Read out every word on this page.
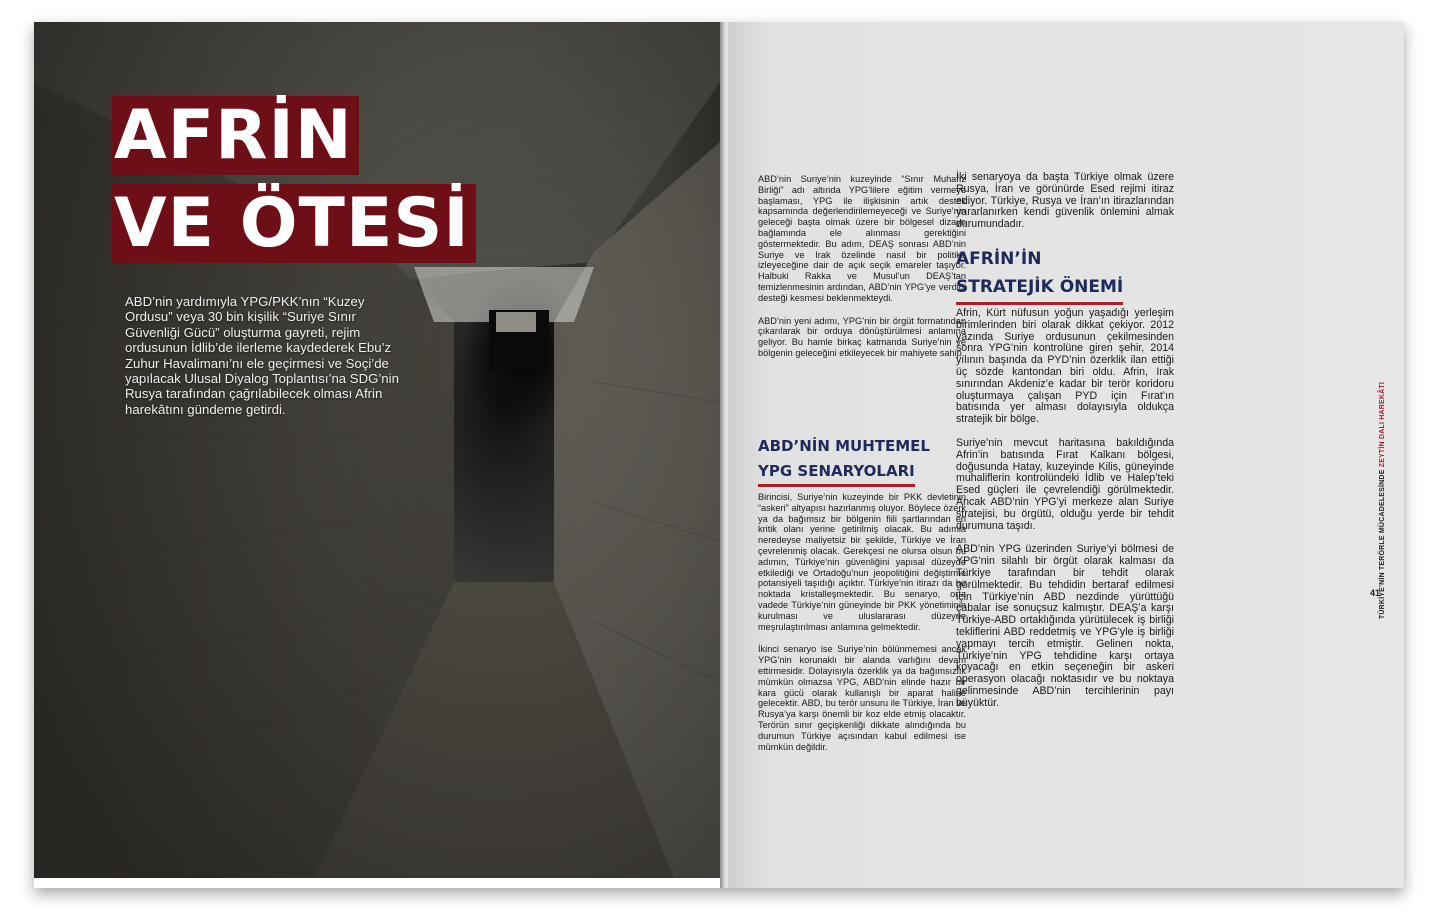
AFRİN
VE ÖTESİ
ABD’nin yardımıyla YPG/PKK’nın “Kuzey Ordusu” veya 30 bin kişilik “Suriye Sınır Güvenliği Gücü” oluşturma gayreti, rejim ordusunun İdlib’de ilerleme kaydederek Ebu’z Zuhur Havalimanı’nı ele geçirmesi ve Soçi’de yapılacak Ulusal Diyalog Toplantısı’na SDG’nin Rusya tarafından çağrılabilecek olması Afrin harekâtını gündeme getirdi.

ABD’nin Suriye’nin kuzeyinde “Sınır Muhafız Birliği” adı altında YPG’lilere eğitim vermeye başlaması, YPG ile ilişkisinin artık destek kapsamında değerlendirilemeyeceği ve Suriye’nin geleceği başta olmak üzere bir bölgesel dizayn bağlamında ele alınması gerektiğini göstermektedir. Bu adım, DEAŞ sonrası ABD’nin Suriye ve Irak özelinde nasıl bir politika izleyeceğine dair de açık seçik emareler taşıyor. Halbuki Rakka ve Musul’un DEAŞ’tan temizlenmesinin ardından, ABD’nin YPG’ye verdiği desteği kesmesi beklenmekteydi.

ABD’nin yeni adımı, YPG’nin bir örgüt formatından çıkarılarak bir orduya dönüştürülmesi anlamına geliyor. Bu hamle birkaç katmanda Suriye’nin ve bölgenin geleceğini etkileyecek bir mahiyete sahip.

ABD’NİN MUHTEMEL
YPG SENARYOLARI

Birincisi, Suriye’nin kuzeyinde bir PKK devletinin “askeri” altyapısı hazırlanmış oluyor. Böylece özerk ya da bağımsız bir bölgenin fiili şartlarından en kritik olanı yerine getirilmiş olacak. Bu adımla neredeyse maliyetsiz bir şekilde, Türkiye ve İran çevrelenmiş olacak. Gerekçesi ne olursa olsun bu adımın, Türkiye’nin güvenliğini yapısal düzeyde etkilediği ve Ortadoğu’nun jeopolitiğini değiştirme potansiyeli taşıdığı açıktır. Türkiye’nin itirazı da bu noktada kristalleşmektedir. Bu senaryo, orta vadede Türkiye’nin güneyinde bir PKK yönetiminin kurulması ve uluslararası düzeyde meşrulaştırılması anlamına gelmektedir.

İkinci senaryo ise Suriye’nin bölünmemesi ancak YPG’nin korunaklı bir alanda varlığını devam ettirmesidir. Dolayısıyla özerklik ya da bağımsızlık mümkün olmazsa YPG, ABD’nin elinde hazır bir kara gücü olarak kullanışlı bir aparat haline gelecektir. ABD, bu terör unsuru ile Türkiye, İran ve Rusya’ya karşı önemli bir koz elde etmiş olacaktır. Terörün sınır geçişkenliği dikkate alındığında bu durumun Türkiye açısından kabul edilmesi ise mümkün değildir.

İki senaryoya da başta Türkiye olmak üzere Rusya, İran ve görünürde Esed rejimi itiraz ediyor. Türkiye, Rusya ve İran’ın itirazlarından yararlanırken kendi güvenlik önlemini almak durumundadır.

AFRİN’İN
STRATEJİK ÖNEMİ

Afrin, Kürt nüfusun yoğun yaşadığı yerleşim birimlerinden biri olarak dikkat çekiyor. 2012 yazında Suriye ordusunun çekilmesinden sonra YPG’nin kontrolüne giren şehir, 2014 yılının başında da PYD’nin özerklik ilan ettiği üç sözde kantondan biri oldu. Afrin, Irak sınırından Akdeniz’e kadar bir terör koridoru oluşturmaya çalışan PYD için Fırat’ın batısında yer alması dolayısıyla oldukça stratejik bir bölge.

Suriye’nin mevcut haritasına bakıldığında Afrin’in batısında Fırat Kalkanı bölgesi, doğusunda Hatay, kuzeyinde Kilis, güneyinde muhaliflerin kontrolündeki İdlib ve Halep’teki Esed güçleri ile çevrelendiği görülmektedir. Ancak ABD’nin YPG’yi merkeze alan Suriye stratejisi, bu örgütü, olduğu yerde bir tehdit durumuna taşıdı.

ABD’nin YPG üzerinden Suriye’yi bölmesi de YPG’nin silahlı bir örgüt olarak kalması da Türkiye tarafından bir tehdit olarak görülmektedir. Bu tehdidin bertaraf edilmesi için Türkiye’nin ABD nezdinde yürüttüğü çabalar ise sonuçsuz kalmıştır. DEAŞ’a karşı Türkiye-ABD ortaklığında yürütülecek iş birliği tekliflerini ABD reddetmiş ve YPG’yle iş birliği yapmayı tercih etmiştir. Gelinen nokta, Türkiye’nin YPG tehdidine karşı ortaya koyacağı en etkin seçeneğin bir askeri operasyon olacağı noktasıdır ve bu noktaya gelinmesinde ABD’nin tercihlerinin payı büyüktür.

TÜRKİYE’NİN TERÖRLE MÜCADELESİNDE ZEYTİN DALI HAREKÂTI
41
